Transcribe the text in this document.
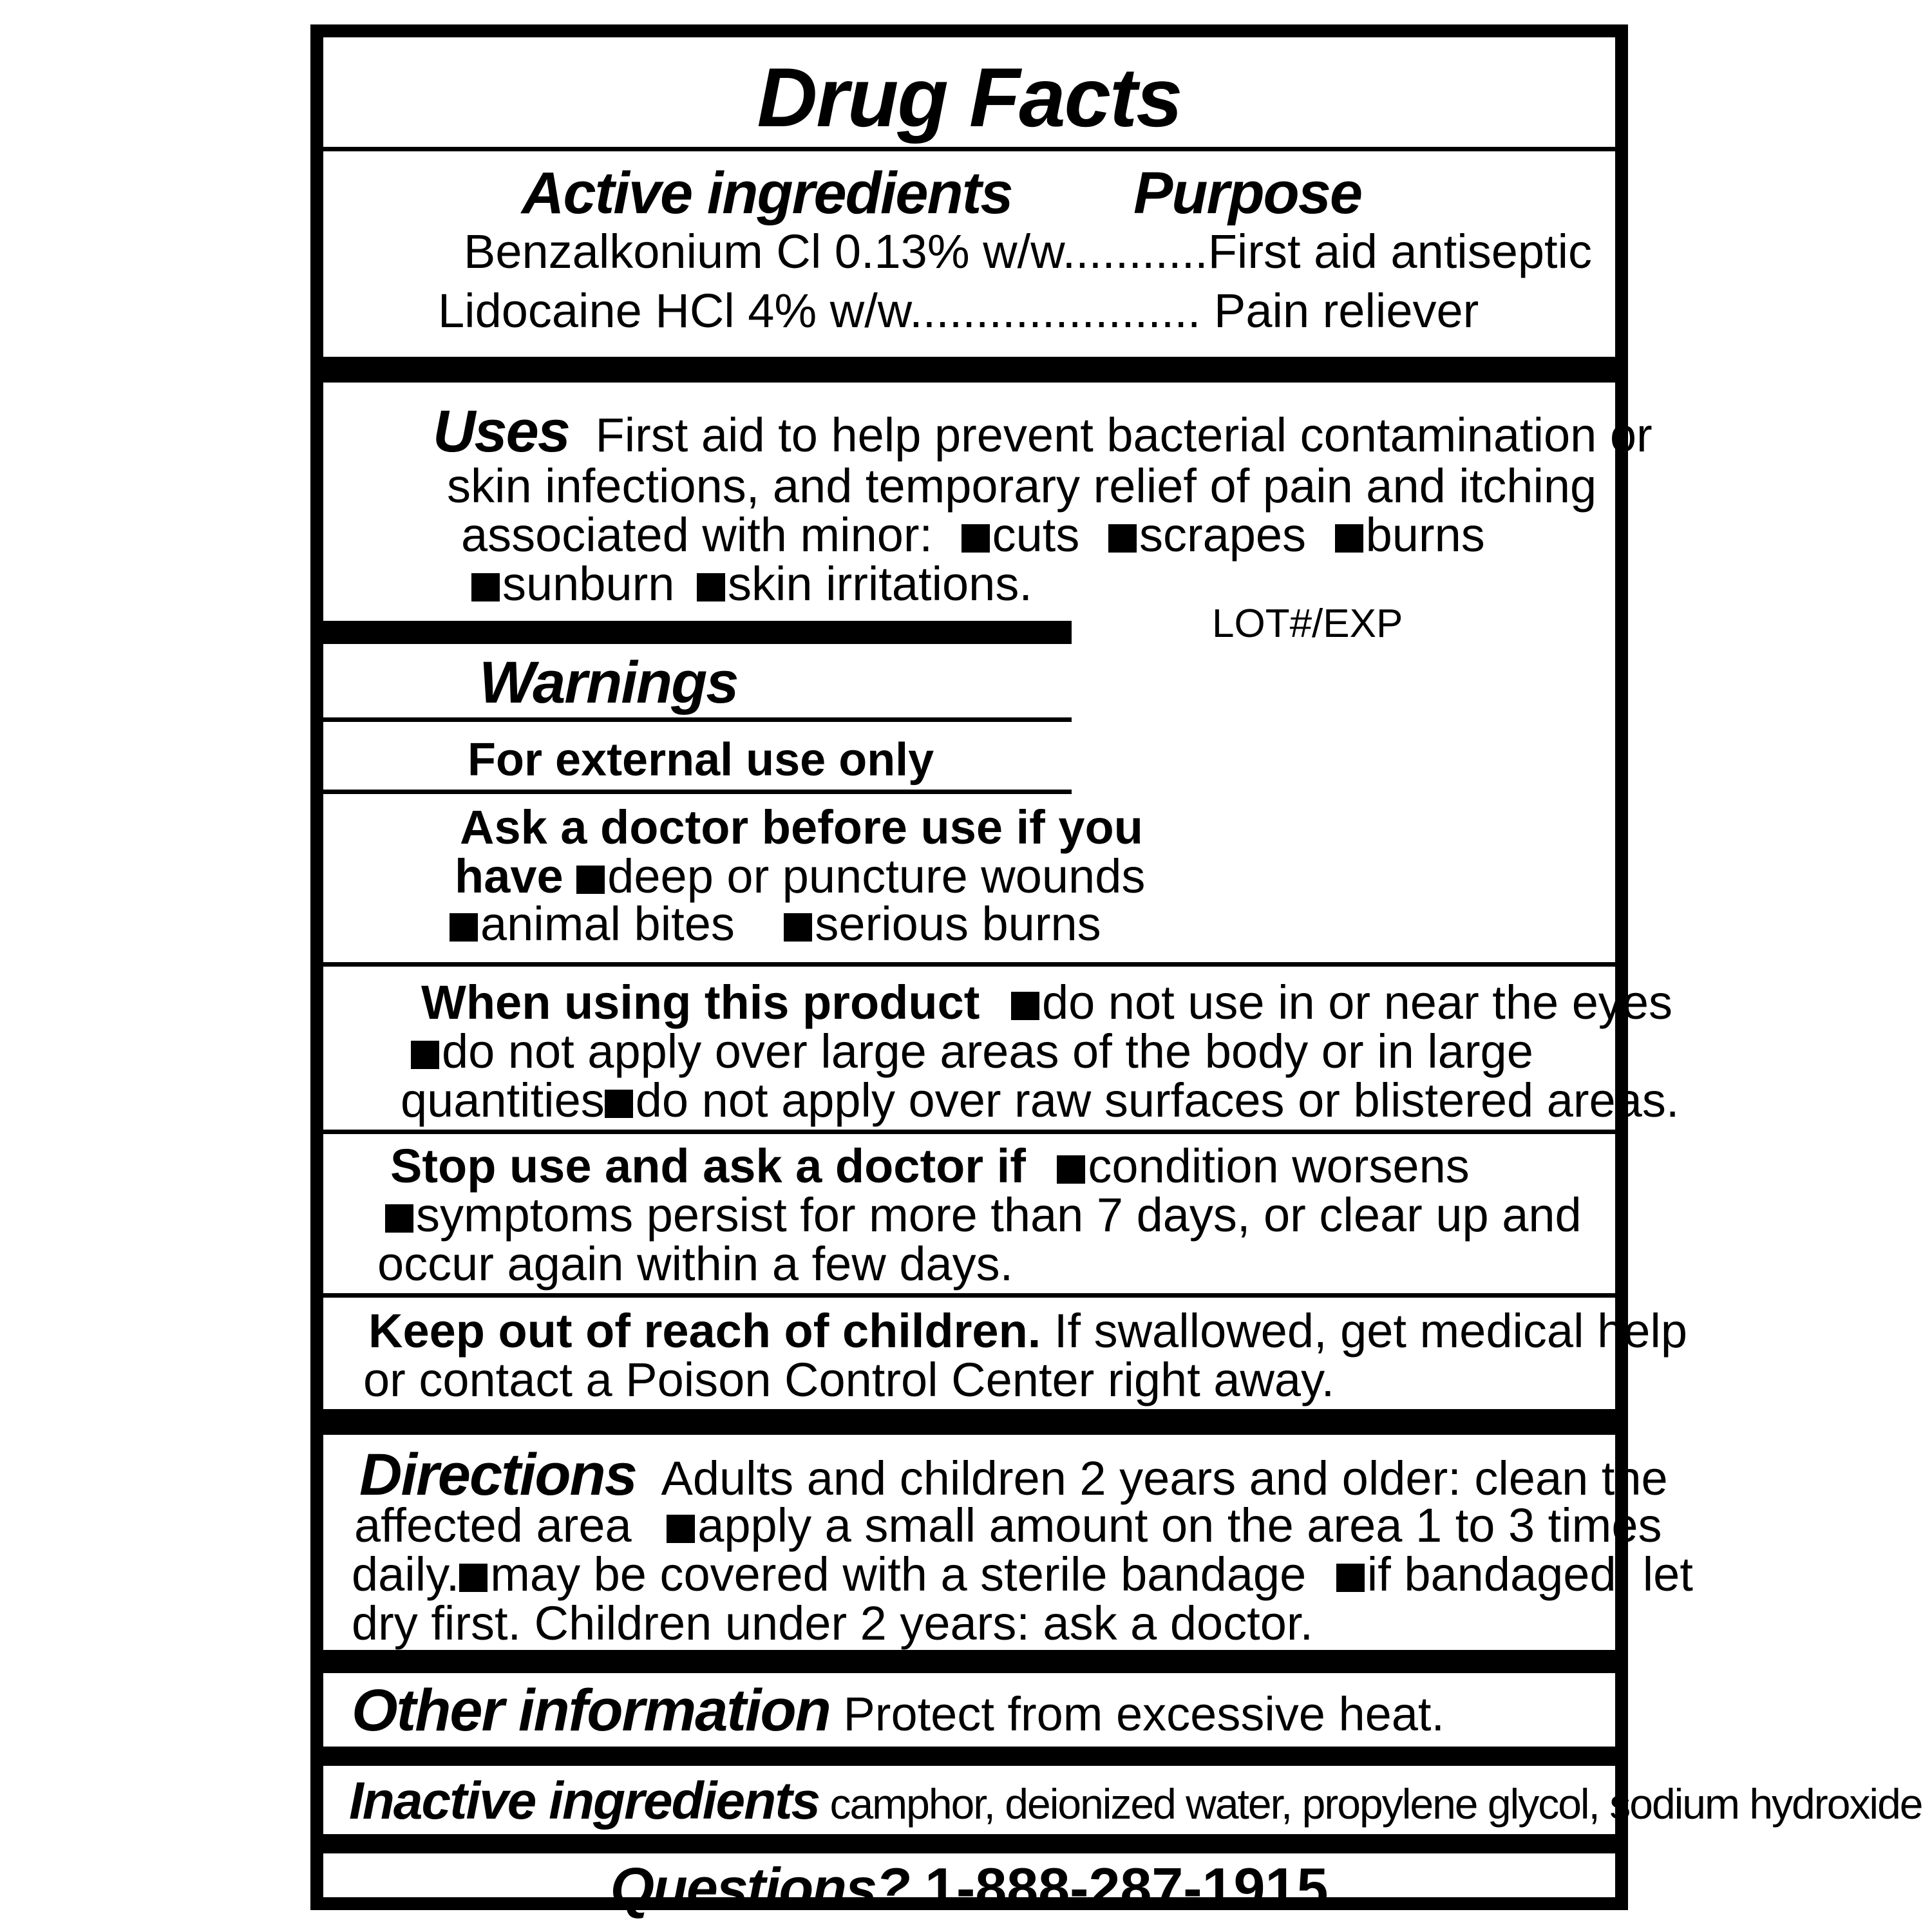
Drug Facts
Active ingredients Purpose
Benzalkonium Cl 0.13% w/w...........First aid antiseptic
Lidocaine HCl 4% w/w...................... Pain reliever
Uses First aid to help prevent bacterial contamination or
skin infections, and temporary relief of pain and itching
associated with minor: cuts scrapes burns
sunburn skin irritations.
LOT#/EXP
Warnings
For external use only
Ask a doctor before use if you
have deep or puncture wounds
animal bites serious burns
When using this product do not use in or near the eyes
do not apply over large areas of the body or in large
quantities do not apply over raw surfaces or blistered areas.
Stop use and ask a doctor if condition worsens
symptoms persist for more than 7 days, or clear up and
occur again within a few days.
Keep out of reach of children. If swallowed, get medical help
or contact a Poison Control Center right away.
Directions Adults and children 2 years and older: clean the
affected area apply a small amount on the area 1 to 3 times
daily. may be covered with a sterile bandage if bandaged, let
dry first. Children under 2 years: ask a doctor.
Other information Protect from excessive heat.
Inactive ingredients camphor, deionized water, propylene glycol, sodium hydroxide
Questions? 1-888-287-1915
